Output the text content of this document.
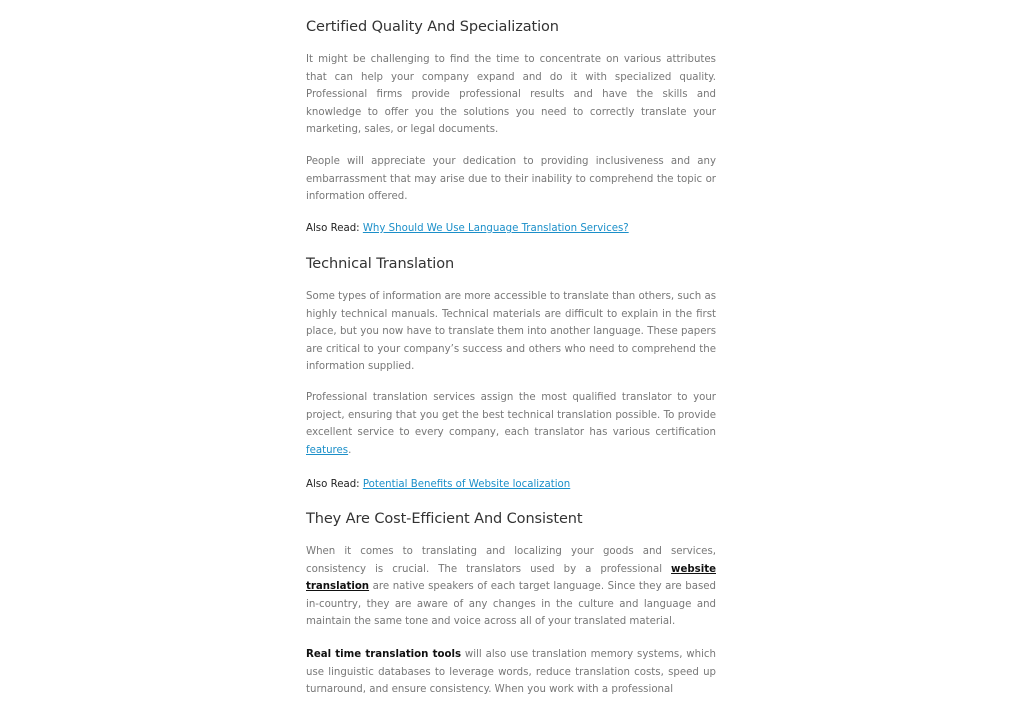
Certified Quality And Specialization

It might be challenging to find the time to concentrate on various attributes that can help your company expand and do it with specialized quality. Professional firms provide professional results and have the skills and knowledge to offer you the solutions you need to correctly translate your marketing, sales, or legal documents.

People will appreciate your dedication to providing inclusiveness and any embarrassment that may arise due to their inability to comprehend the topic or information offered.

Also Read: Why Should We Use Language Translation Services?

Technical Translation

Some types of information are more accessible to translate than others, such as highly technical manuals. Technical materials are difficult to explain in the first place, but you now have to translate them into another language. These papers are critical to your company’s success and others who need to comprehend the information supplied.

Professional translation services assign the most qualified translator to your project, ensuring that you get the best technical translation possible. To provide excellent service to every company, each translator has various certification features.

Also Read: Potential Benefits of Website localization

They Are Cost-Efficient And Consistent

When it comes to translating and localizing your goods and services, consistency is crucial. The translators used by a professional website translation are native speakers of each target language. Since they are based in-country, they are aware of any changes in the culture and language and maintain the same tone and voice across all of your translated material.

Real time translation tools will also use translation memory systems, which use linguistic databases to leverage words, reduce translation costs, speed up turnaround, and ensure consistency. When you work with a professional
